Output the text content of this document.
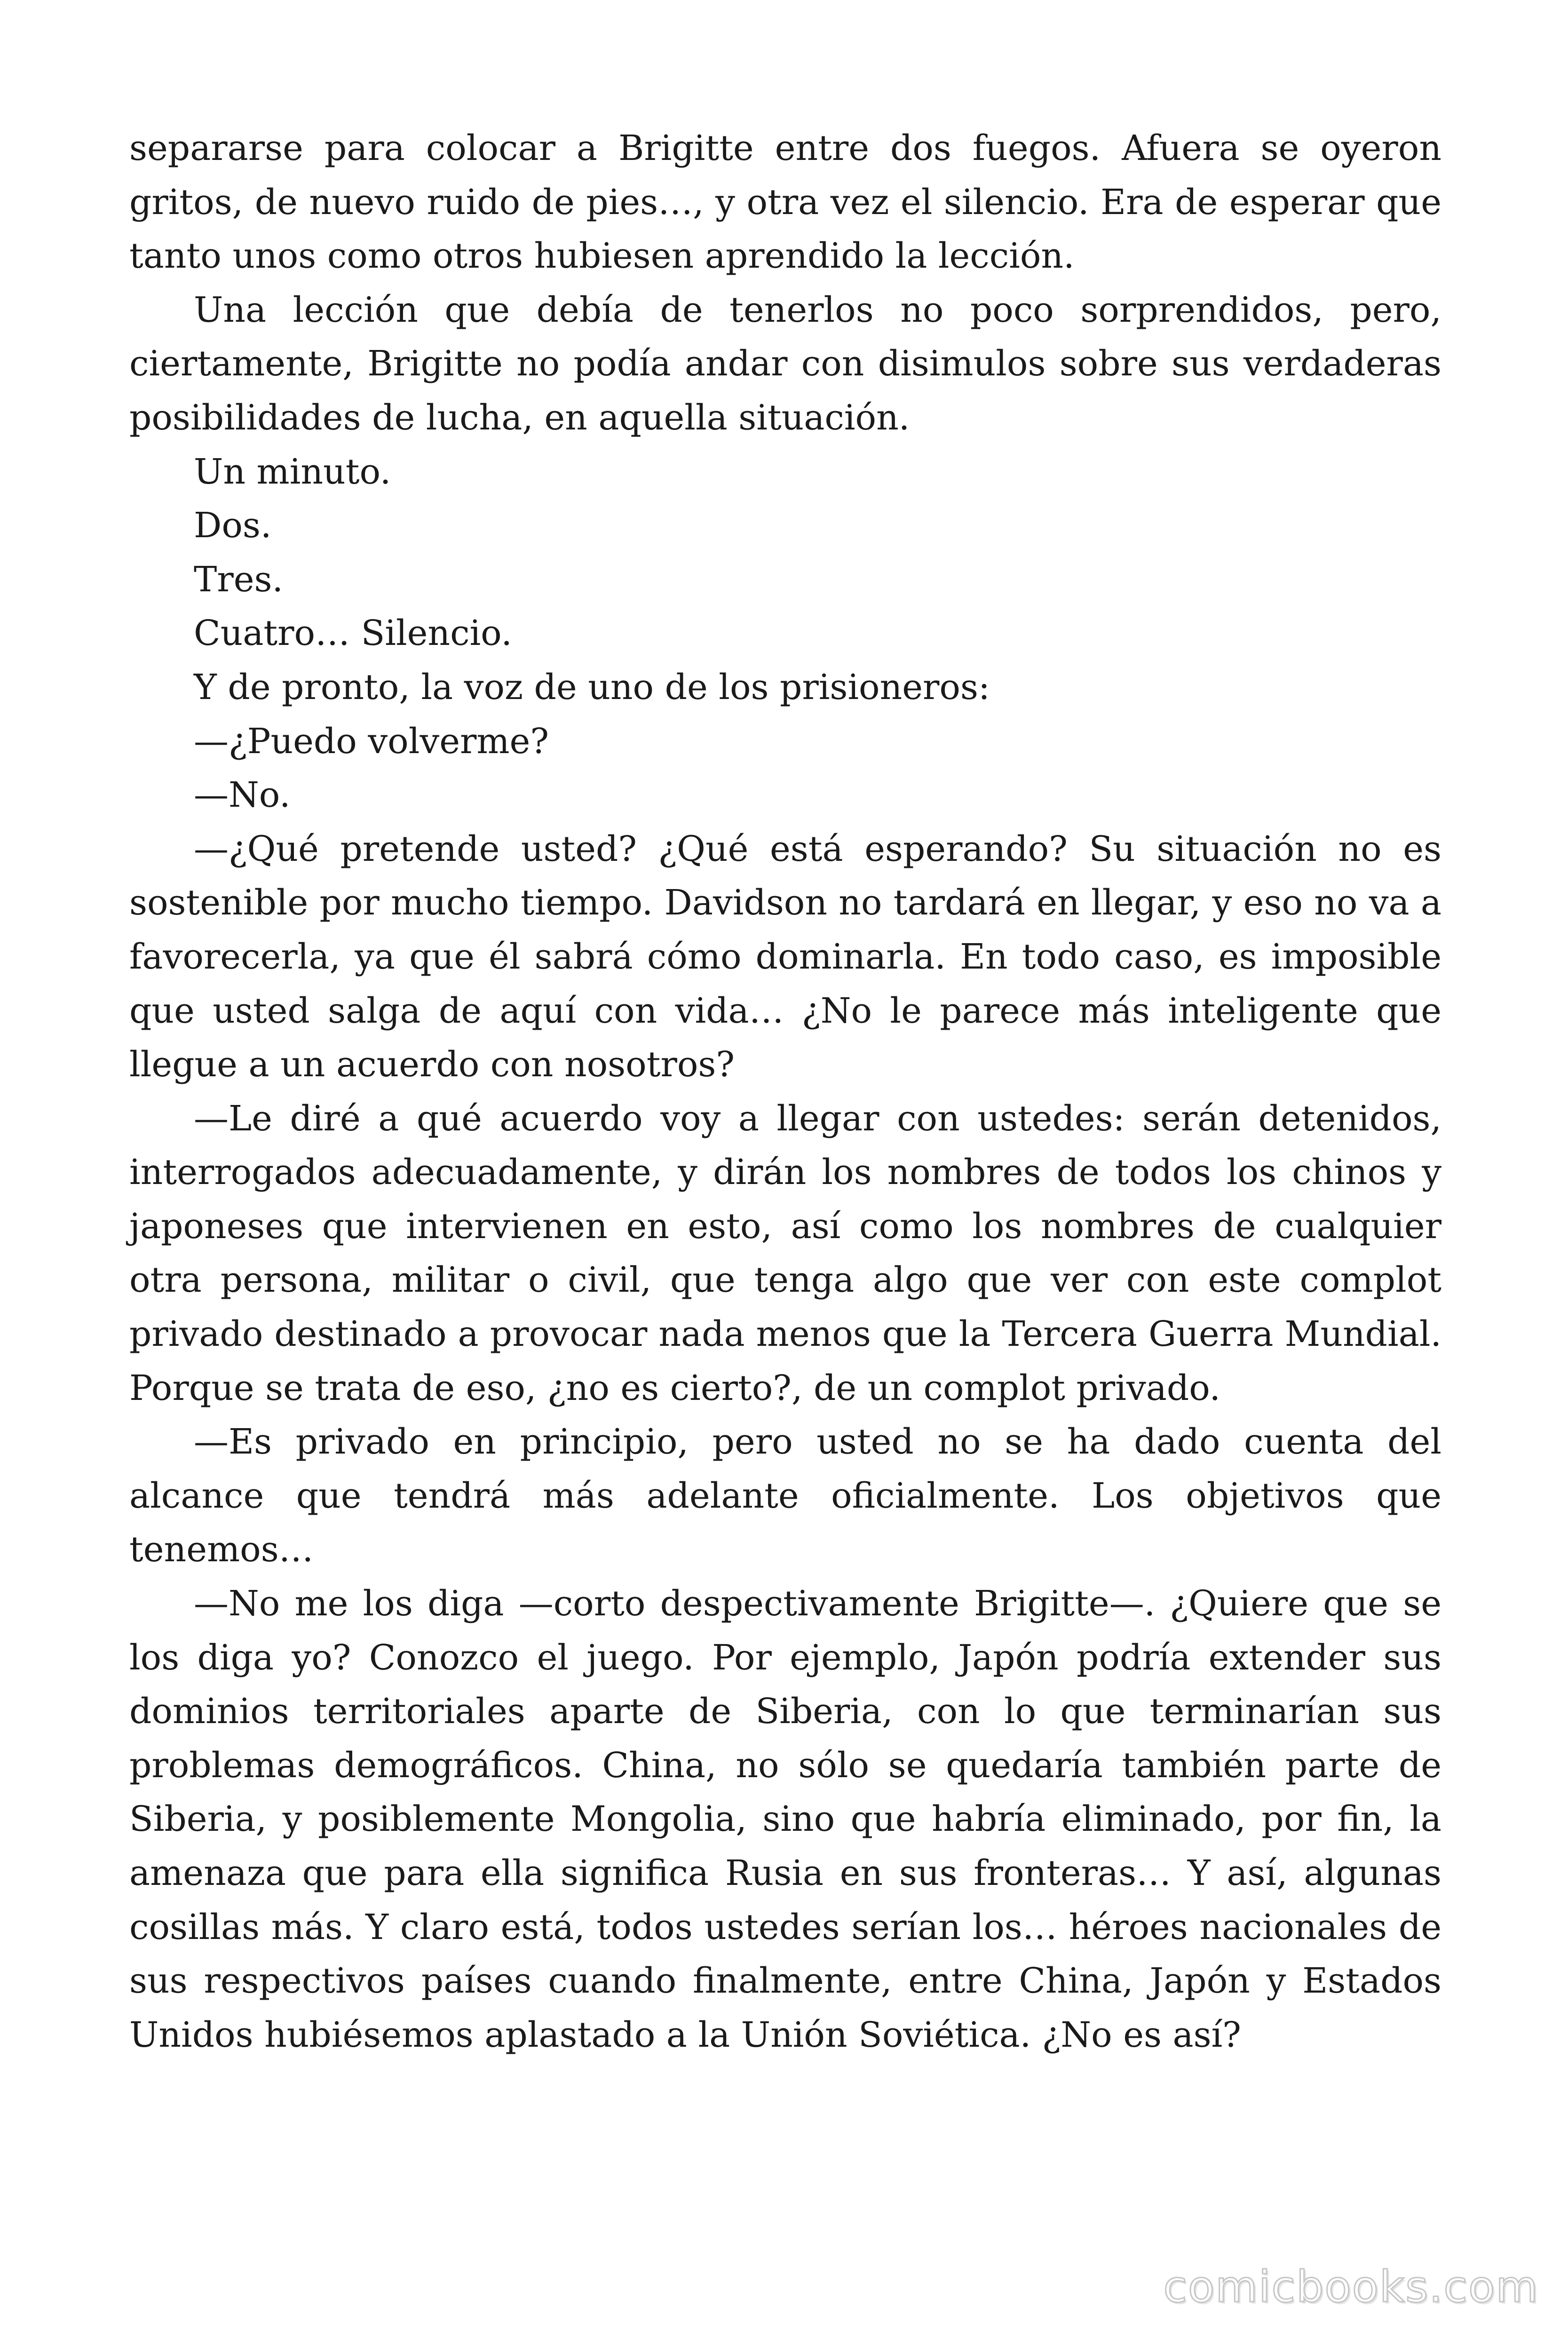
separarse para colocar a Brigitte entre dos fuegos. Afuera se oyeron gritos, de nuevo ruido de pies…, y otra vez el silencio. Era de esperar que tanto unos como otros hubiesen aprendido la lección.

Una lección que debía de tenerlos no poco sorprendidos, pero, ciertamente, Brigitte no podía andar con disimulos sobre sus verdaderas posibilidades de lucha, en aquella situación.

Un minuto.

Dos.

Tres.

Cuatro… Silencio.

Y de pronto, la voz de uno de los prisioneros:

—¿Puedo volverme?

—No.

—¿Qué pretende usted? ¿Qué está esperando? Su situación no es sostenible por mucho tiempo. Davidson no tardará en llegar, y eso no va a favorecerla, ya que él sabrá cómo dominarla. En todo caso, es imposible que usted salga de aquí con vida… ¿No le parece más inteligente que llegue a un acuerdo con nosotros?

—Le diré a qué acuerdo voy a llegar con ustedes: serán detenidos, interrogados adecuadamente, y dirán los nombres de todos los chinos y japoneses que intervienen en esto, así como los nombres de cualquier otra persona, militar o civil, que tenga algo que ver con este complot privado destinado a provocar nada menos que la Tercera Guerra Mundial. Porque se trata de eso, ¿no es cierto?, de un complot privado.

—Es privado en principio, pero usted no se ha dado cuenta del alcance que tendrá más adelante oficialmente. Los objetivos que tenemos…

—No me los diga —corto despectivamente Brigitte—. ¿Quiere que se los diga yo? Conozco el juego. Por ejemplo, Japón podría extender sus dominios territoriales aparte de Siberia, con lo que terminarían sus problemas demográficos. China, no sólo se quedaría también parte de Siberia, y posiblemente Mongolia, sino que habría eliminado, por fin, la amenaza que para ella significa Rusia en sus fronteras… Y así, algunas cosillas más. Y claro está, todos ustedes serían los… héroes nacionales de sus respectivos países cuando finalmente, entre China, Japón y Estados Unidos hubiésemos aplastado a la Unión Soviética. ¿No es así?

comicbooks.com
